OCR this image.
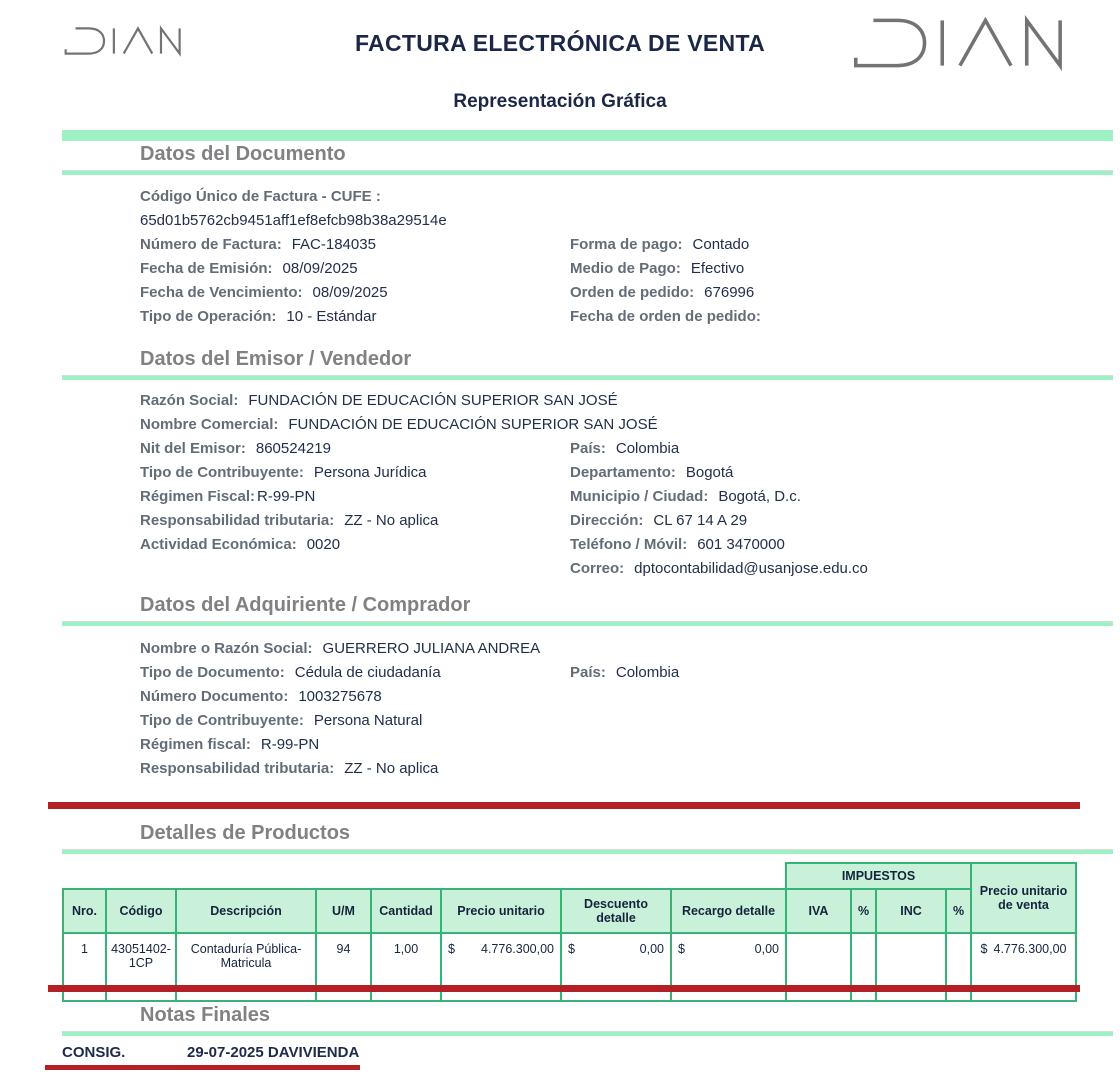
FACTURA ELECTRÓNICA DE VENTA
Representación Gráfica
Datos del Documento
Código Único de Factura - CUFE :
65d01b5762cb9451aff1ef8efcb98b38a29514e
Número de Factura: FAC-184035
Fecha de Emisión: 08/09/2025
Fecha de Vencimiento: 08/09/2025
Tipo de Operación: 10 - Estándar
Forma de pago: Contado
Medio de Pago: Efectivo
Orden de pedido: 676996
Fecha de orden de pedido:
Datos del Emisor / Vendedor
Razón Social: FUNDACIÓN DE EDUCACIÓN SUPERIOR SAN JOSÉ
Nombre Comercial: FUNDACIÓN DE EDUCACIÓN SUPERIOR SAN JOSÉ
Nit del Emisor: 860524219
Tipo de Contribuyente: Persona Jurídica
Régimen Fiscal: R-99-PN
Responsabilidad tributaria: ZZ - No aplica
Actividad Económica: 0020
País: Colombia
Departamento: Bogotá
Municipio / Ciudad: Bogotá, D.c.
Dirección: CL 67 14 A 29
Teléfono / Móvil: 601 3470000
Correo: dptocontabilidad@usanjose.edu.co
Datos del Adquiriente / Comprador
Nombre o Razón Social: GUERRERO JULIANA ANDREA
Tipo de Documento: Cédula de ciudadanía
Número Documento: 1003275678
Tipo de Contribuyente: Persona Natural
Régimen fiscal: R-99-PN
Responsabilidad tributaria: ZZ - No aplica
País: Colombia
Detalles de Productos
								IMPUESTOS				Precio unitario de venta
Nro.	Código	Descripción	U/M	Cantidad	Precio unitario	Descuento detalle	Recargo detalle	IVA	%	INC	%	
1	43051402-1CP	Contaduría Pública-Matricula	94	1,00	$ 4.776.300,00	$ 0,00	$ 0,00					$ 4.776.300,00
Notas Finales
CONSIG.	29-07-2025 DAVIVIENDA
